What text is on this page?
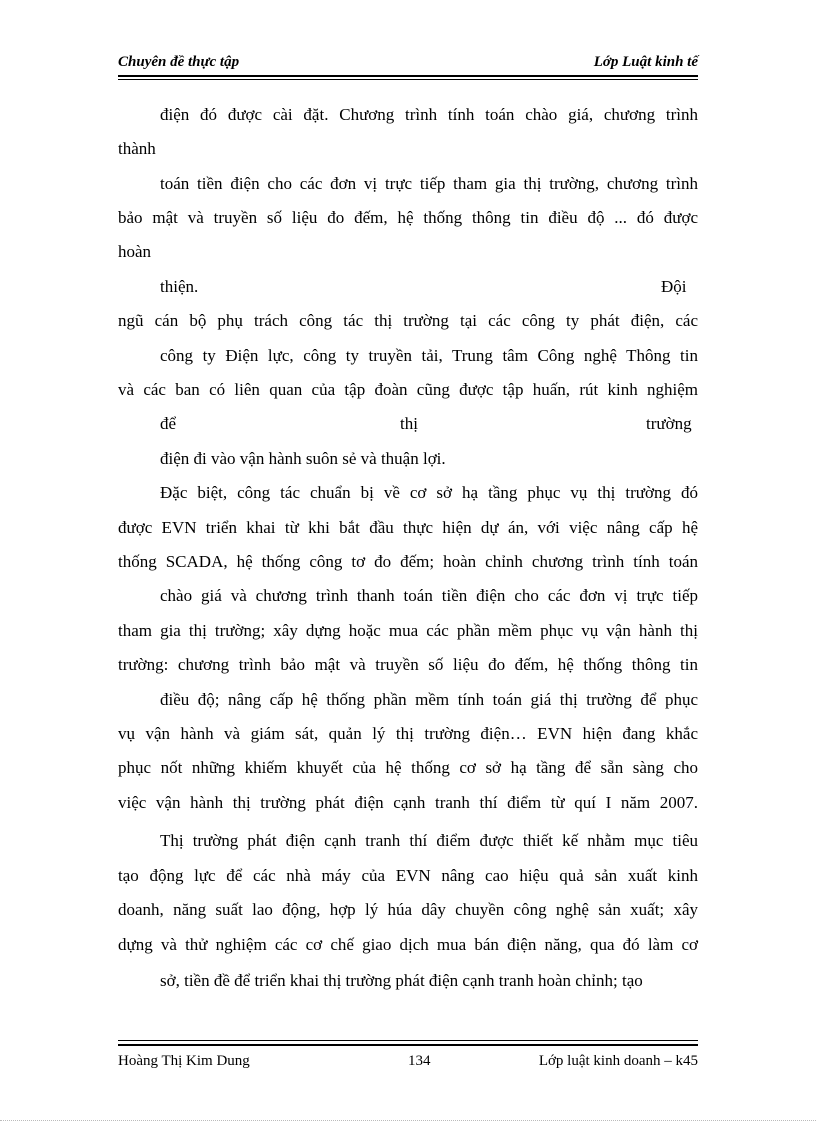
Chuyên đề thực tập	Lớp Luật kinh tế
điện đó được cài đặt. Chương trình tính toán chào giá, chương trình
thành
toán tiền điện cho các đơn vị trực tiếp tham gia thị trường, chương trình
bảo mật và truyền số liệu đo đếm, hệ thống thông tin điều độ ... đó được
hoàn
thiện.	Đội
ngũ cán bộ phụ trách công tác thị trường tại các công ty phát điện, các
công ty Điện lực, công ty truyền tải, Trung tâm Công nghệ Thông tin
và các ban có liên quan của tập đoàn cũng được tập huấn, rút kinh nghiệm
để	thị	trường
điện đi vào vận hành suôn sẻ và thuận lợi.
Đặc biệt, công tác chuẩn bị về cơ sở hạ tầng phục vụ thị trường đó
được EVN triển khai từ khi bắt đầu thực hiện dự án, với việc nâng cấp hệ
thống SCADA, hệ thống công tơ đo đếm; hoàn chỉnh chương trình tính toán
chào giá và chương trình thanh toán tiền điện cho các đơn vị trực tiếp
tham gia thị trường; xây dựng hoặc mua các phần mềm phục vụ vận hành thị
trường: chương trình bảo mật và truyền số liệu đo đếm, hệ thống thông tin
điều độ; nâng cấp hệ thống phần mềm tính toán giá thị trường để phục
vụ vận hành và giám sát, quản lý thị trường điện… EVN hiện đang khắc
phục nốt những khiếm khuyết của hệ thống cơ sở hạ tầng để sẵn sàng cho
việc vận hành thị trường phát điện cạnh tranh thí điểm từ quí I năm 2007.
Thị trường phát điện cạnh tranh thí điểm được thiết kế nhằm mục tiêu
tạo động lực để các nhà máy của EVN nâng cao hiệu quả sản xuất kinh
doanh, năng suất lao động, hợp lý húa dây chuyền công nghệ sản xuất; xây
dựng và thử nghiệm các cơ chế giao dịch mua bán điện năng, qua đó làm cơ
sở, tiền đề để triển khai thị trường phát điện cạnh tranh hoàn chỉnh; tạo
Hoàng Thị Kim Dung	134	Lớp luật kinh doanh – k45
